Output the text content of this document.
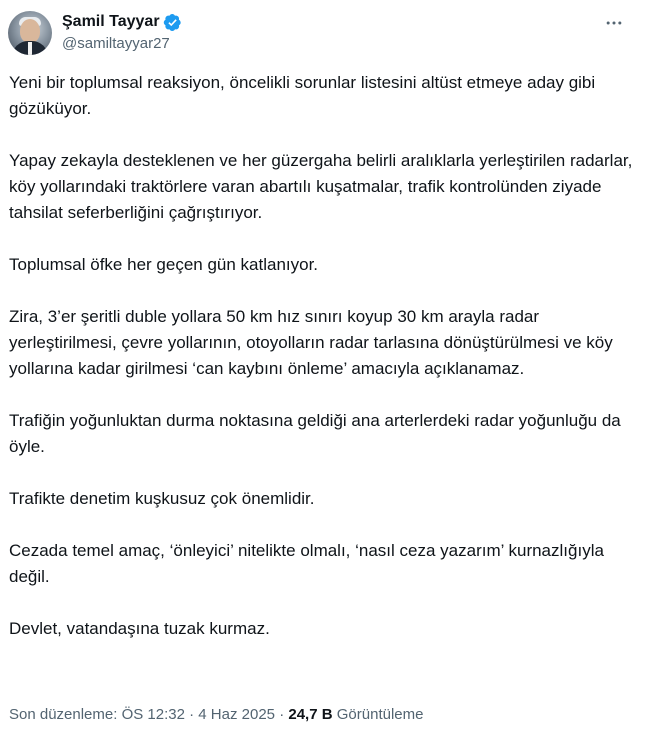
Şamil Tayyar
@samiltayyar27

Yeni bir toplumsal reaksiyon, öncelikli sorunlar listesini altüst etmeye aday gibi gözüküyor.

Yapay zekayla desteklenen ve her güzergaha belirli aralıklarla yerleştirilen radarlar, köy yollarındaki traktörlere varan abartılı kuşatmalar, trafik kontrolünden ziyade tahsilat seferberliğini çağrıştırıyor.

Toplumsal öfke her geçen gün katlanıyor.

Zira, 3’er şeritli duble yollara 50 km hız sınırı koyup 30 km arayla radar yerleştirilmesi, çevre yollarının, otoyolların radar tarlasına dönüştürülmesi ve köy yollarına kadar girilmesi ‘can kaybını önleme’ amacıyla açıklanamaz.

Trafiğin yoğunluktan durma noktasına geldiği ana arterlerdeki radar yoğunluğu da öyle.

Trafikte denetim kuşkusuz çok önemlidir.

Cezada temel amaç, ‘önleyici’ nitelikte olmalı, ‘nasıl ceza yazarım’ kurnazlığıyla değil.

Devlet, vatandaşına tuzak kurmaz.

Son düzenleme: ÖS 12:32 · 4 Haz 2025 · 24,7 B Görüntüleme
